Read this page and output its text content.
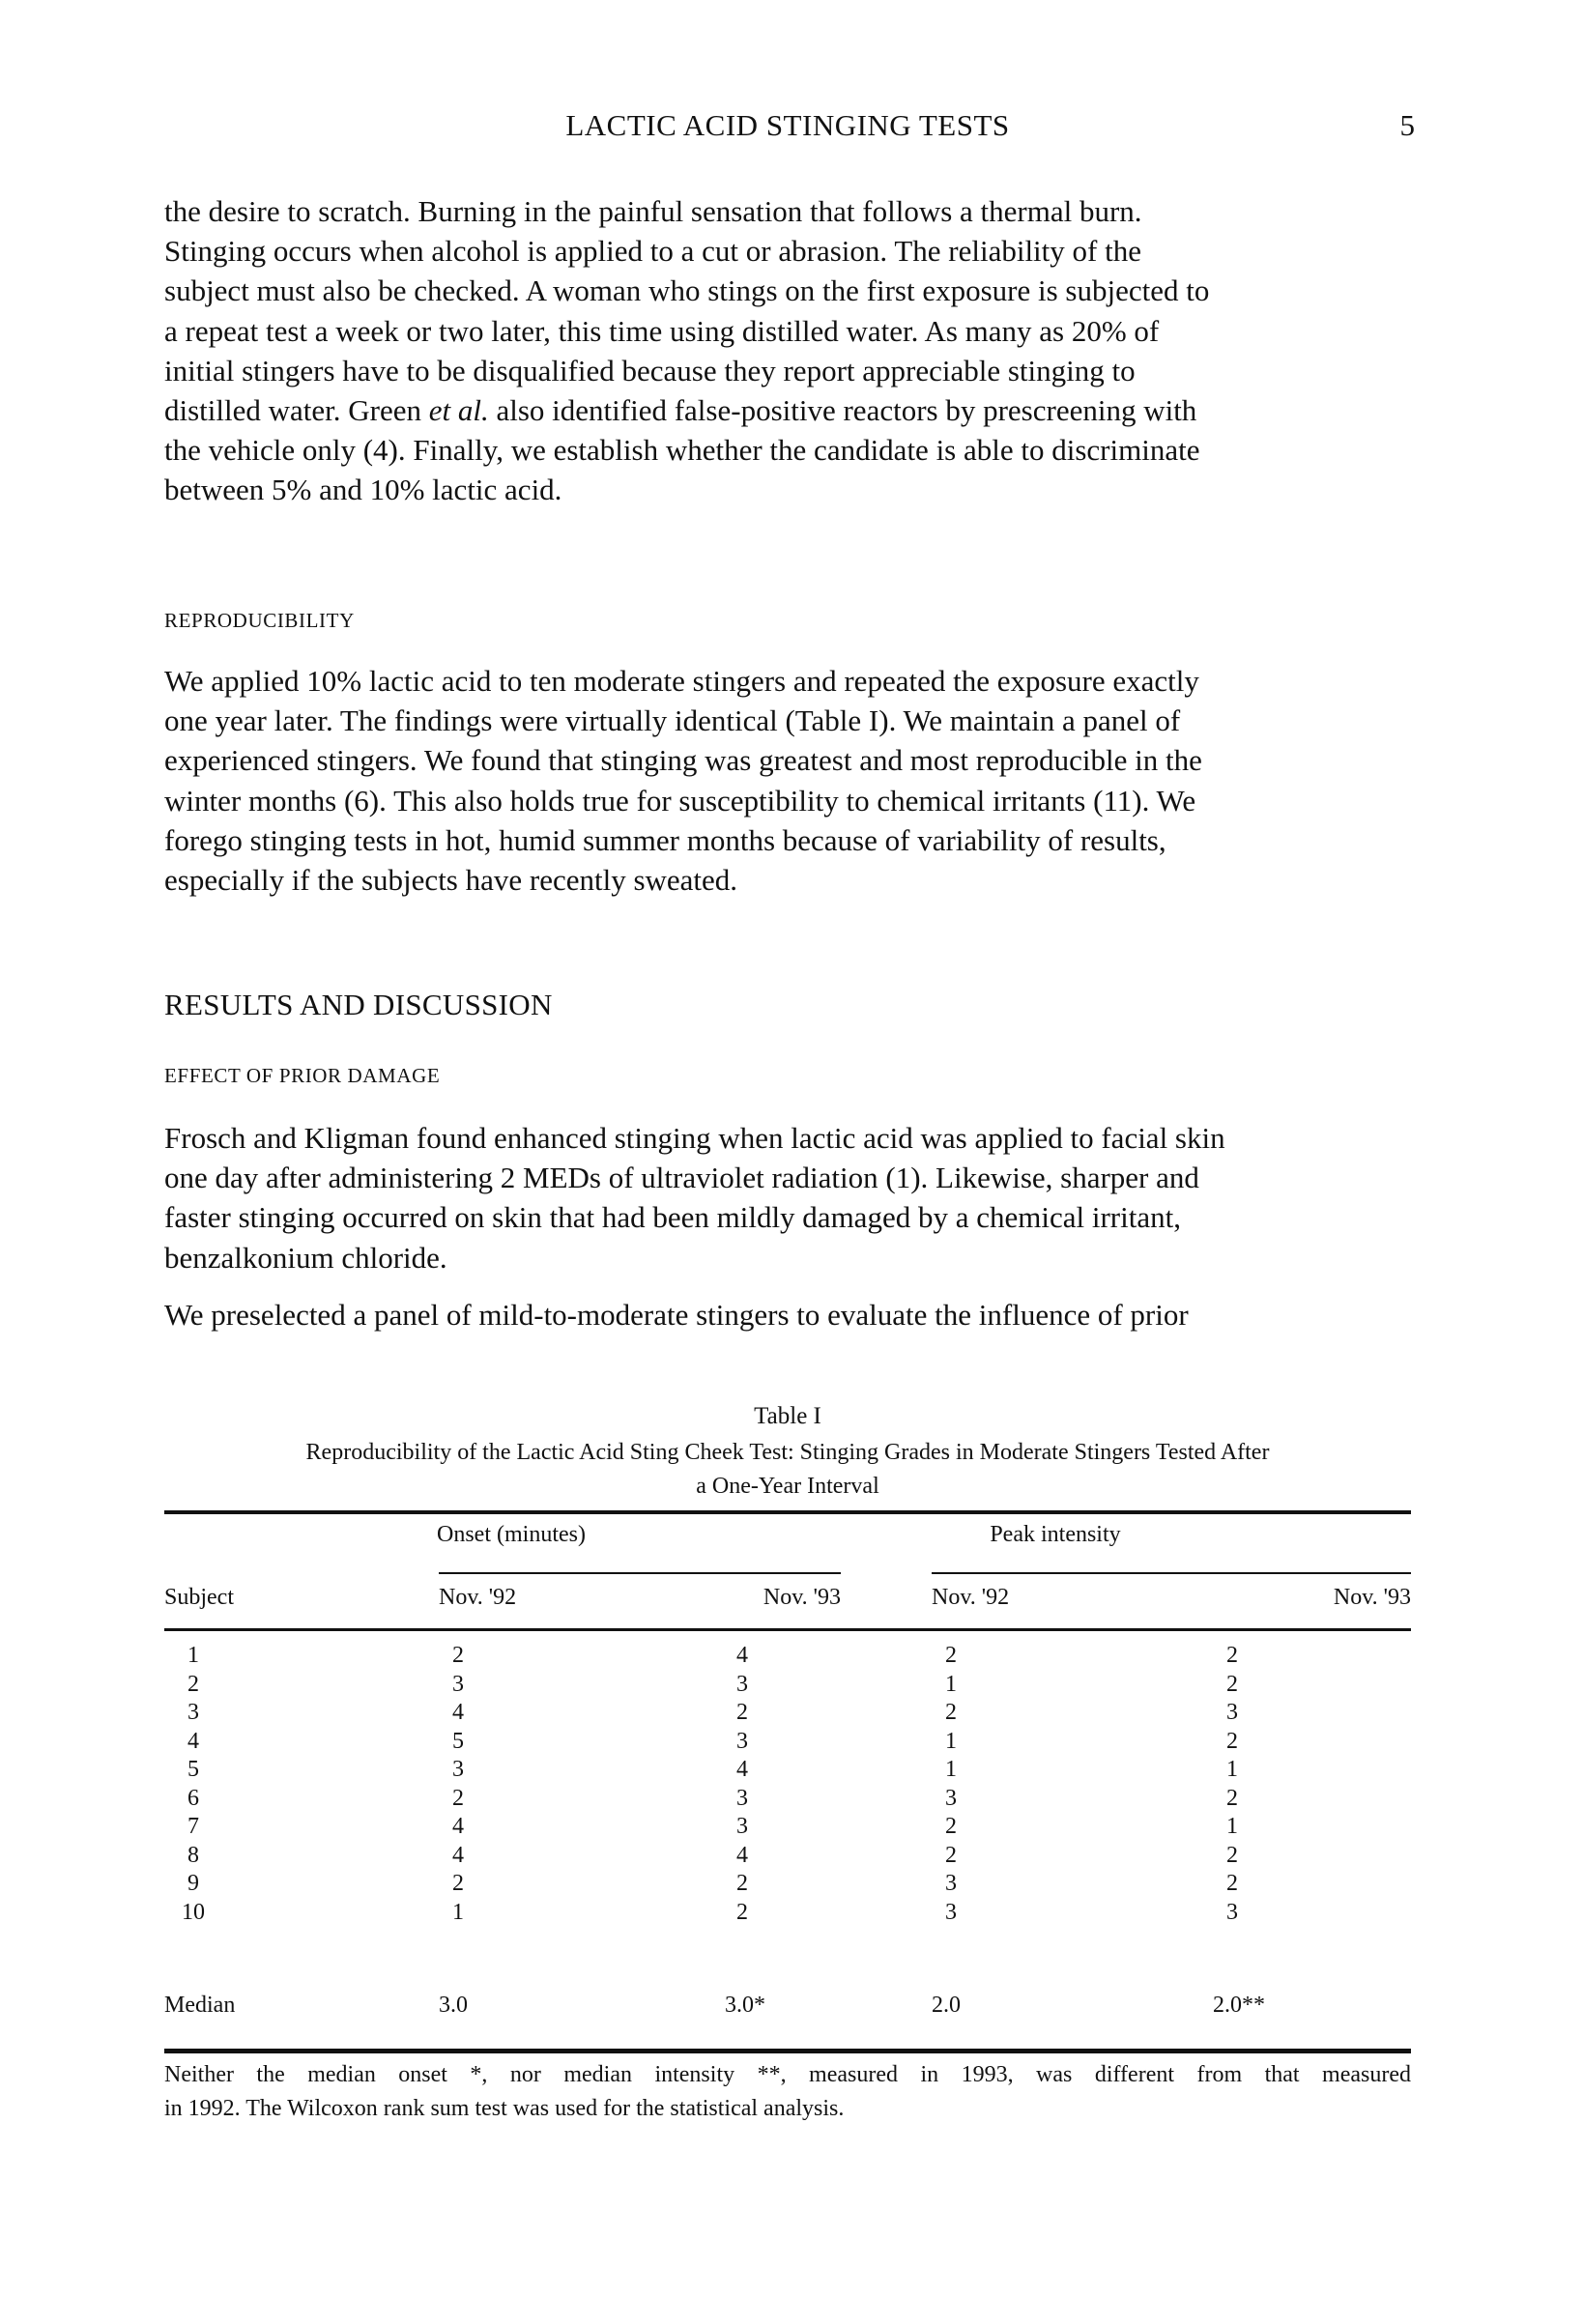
LACTIC ACID STINGING TESTS	5
the desire to scratch. Burning in the painful sensation that follows a thermal burn.
Stinging occurs when alcohol is applied to a cut or abrasion. The reliability of the
subject must also be checked. A woman who stings on the first exposure is subjected to
a repeat test a week or two later, this time using distilled water. As many as 20% of
initial stingers have to be disqualified because they report appreciable stinging to
distilled water. Green et al. also identified false-positive reactors by prescreening with
the vehicle only (4). Finally, we establish whether the candidate is able to discriminate
between 5% and 10% lactic acid.
REPRODUCIBILITY
We applied 10% lactic acid to ten moderate stingers and repeated the exposure exactly
one year later. The findings were virtually identical (Table I). We maintain a panel of
experienced stingers. We found that stinging was greatest and most reproducible in the
winter months (6). This also holds true for susceptibility to chemical irritants (11). We
forego stinging tests in hot, humid summer months because of variability of results,
especially if the subjects have recently sweated.
RESULTS AND DISCUSSION
EFFECT OF PRIOR DAMAGE
Frosch and Kligman found enhanced stinging when lactic acid was applied to facial skin
one day after administering 2 MEDs of ultraviolet radiation (1). Likewise, sharper and
faster stinging occurred on skin that had been mildly damaged by a chemical irritant,
benzalkonium chloride.
We preselected a panel of mild-to-moderate stingers to evaluate the influence of prior
Table I
Reproducibility of the Lactic Acid Sting Cheek Test: Stinging Grades in Moderate Stingers Tested After
a One-Year Interval
Onset (minutes)	Peak intensity
Subject	Nov. '92	Nov. '93	Nov. '92	Nov. '93
1	2	4	2	2
2	3	3	1	2
3	4	2	2	3
4	5	3	1	2
5	3	4	1	1
6	2	3	3	2
7	4	3	2	1
8	4	4	2	2
9	2	2	3	2
10	1	2	3	3
Median	3.0	3.0*	2.0	2.0**
Neither the median onset *, nor median intensity **, measured in 1993, was different from that measured
in 1992. The Wilcoxon rank sum test was used for the statistical analysis.
